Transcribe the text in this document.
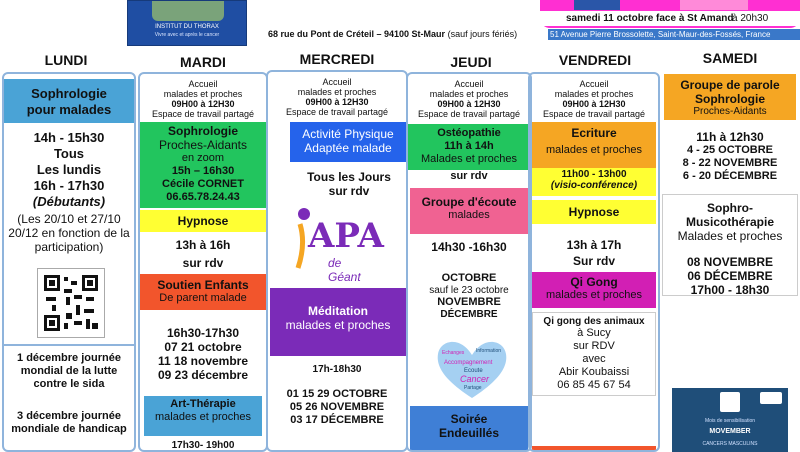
INSTITUT DU THORAX
Vivre avec et après le cancer
samedi 11 octobre face à St Amand
à 20h30
68 rue du Pont de Créteil – 94100 St-Maur (sauf jours fériés)	51 Avenue Pierre Brossolette, Saint-Maur-des-Fossés, France
LUNDI	MARDI	MERCREDI	JEUDI	VENDREDI	SAMEDI
Sophrologie
pour malades
14h - 15h30
Tous
Les lundis
16h - 17h30
(Débutants)
(Les 20/10 et 27/10 20/12 en fonction de la participation)
1 décembre journée mondial de la lutte contre le sida
3 décembre journée mondiale de handicap
Accueil
malades et proches
09H00 à 12H30
Espace de travail partagé
Sophrologie
Proches-Aidants
en zoom
15h – 16h30
Cécile CORNET
06.65.78.24.43
Hypnose
13h à 16h
sur rdv
Soutien Enfants
De parent malade
16h30-17h30
07 21 octobre
11 18 novembre
09 23 décembre
Art-Thérapie
malades et proches
17h30- 19h00
Accueil
malades et proches
09H00 à 12H30
Espace de travail partagé
Activité Physique
Adaptée malade
Tous les Jours sur rdv
APA
de Géant
Méditation
malades et proches
17h-18h30
01 15 29 OCTOBRE
05 26 NOVEMBRE
03 17 DÉCEMBRE
Accueil
malades et proches
09H00 à 12H30
Espace de travail partagé
Ostéopathie
11h à 14h
Malades et proches
sur rdv
Groupe d'écoute
malades
14h30 -16h30
OCTOBRE
sauf le 23 octobre
NOVEMBRE
DÉCEMBRE
Echanges Information
Accompagnement
Ecoute
Cancer
Partage
Soirée
Endeuillés
Accueil
malades et proches
09H00 à 12H30
Espace de travail partagé
Ecriture
malades et proches
11h00 - 13h00
(visio-conférence)
Hypnose
13h à 17h
Sur rdv
Qi Gong
malades et proches
Qi gong des animaux
à Sucy
sur RDV
avec
Abir Koubaissi
06 85 45 67 54
Groupe de parole
Sophrologie
Proches-Aidants
11h à 12h30
4 - 25 OCTOBRE
8 - 22 NOVEMBRE
6 - 20 DÉCEMBRE
Sophro-
Musicothérapie
Malades et proches
08 NOVEMBRE
06 DÉCEMBRE
17h00 - 18h30
Mois de sensibilisation
MOVEMBER
CANCERS MASCULINS
